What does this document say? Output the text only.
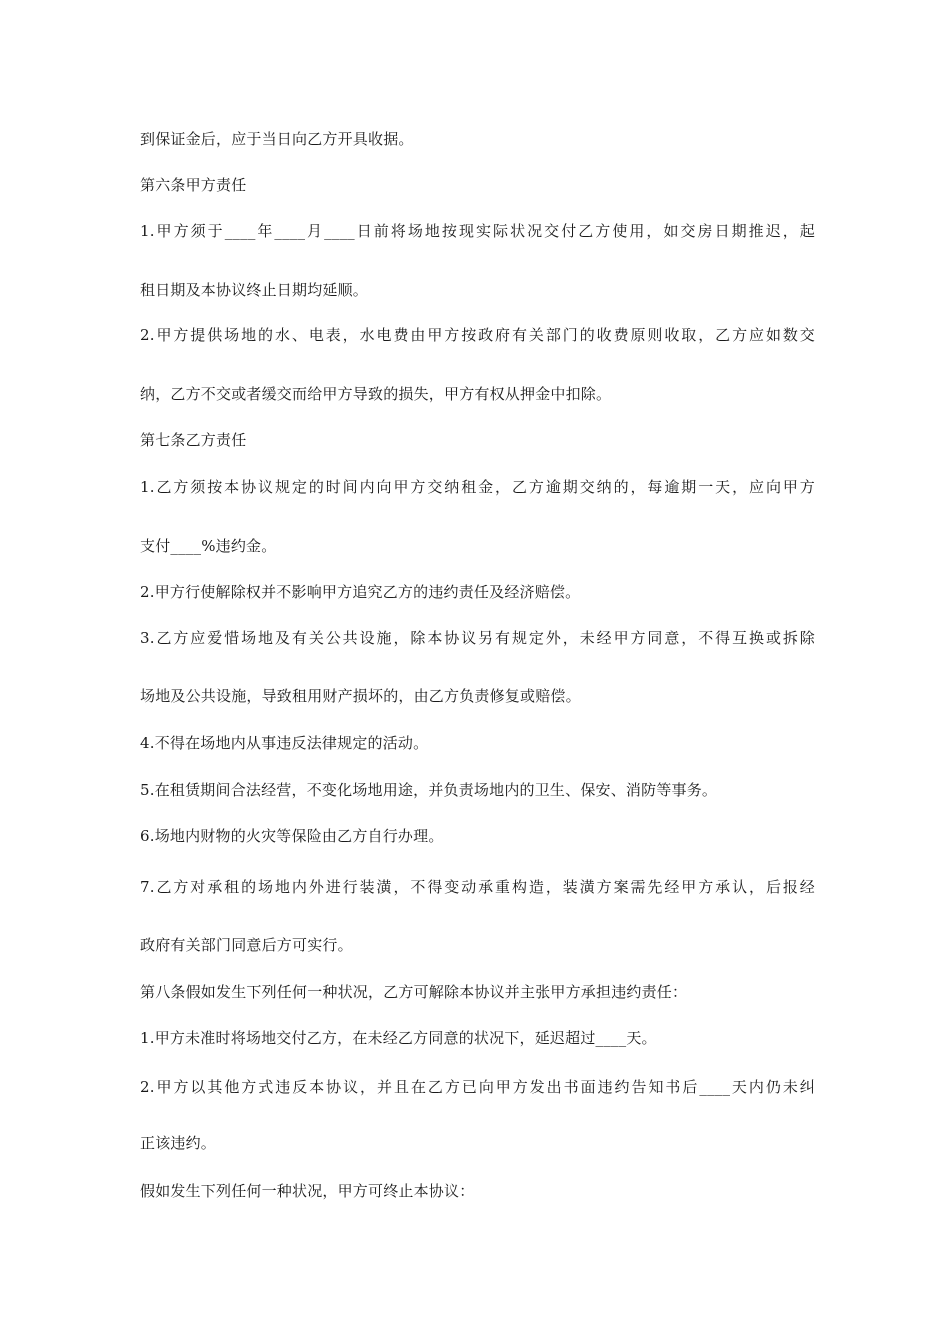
到保证金后，应于当日向乙方开具收据。
第六条甲方责任
1.甲方须于____年____月____日前将场地按现实际状况交付乙方使用，如交房日期推迟，起
租日期及本协议终止日期均延顺。
2.甲方提供场地的水、电表，水电费由甲方按政府有关部门的收费原则收取，乙方应如数交
纳，乙方不交或者缓交而给甲方导致的损失，甲方有权从押金中扣除。
第七条乙方责任
1.乙方须按本协议规定的时间内向甲方交纳租金，乙方逾期交纳的，每逾期一天，应向甲方
支付____%违约金。
2.甲方行使解除权并不影响甲方追究乙方的违约责任及经济赔偿。
3.乙方应爱惜场地及有关公共设施，除本协议另有规定外，未经甲方同意，不得互换或拆除
场地及公共设施，导致租用财产损坏的，由乙方负责修复或赔偿。
4.不得在场地内从事违反法律规定的活动。
5.在租赁期间合法经营，不变化场地用途，并负责场地内的卫生、保安、消防等事务。
6.场地内财物的火灾等保险由乙方自行办理。
7.乙方对承租的场地内外进行装潢，不得变动承重构造，装潢方案需先经甲方承认，后报经
政府有关部门同意后方可实行。
第八条假如发生下列任何一种状况，乙方可解除本协议并主张甲方承担违约责任：
1.甲方未准时将场地交付乙方，在未经乙方同意的状况下，延迟超过____天。
2.甲方以其他方式违反本协议，并且在乙方已向甲方发出书面违约告知书后____天内仍未纠
正该违约。
假如发生下列任何一种状况，甲方可终止本协议：
